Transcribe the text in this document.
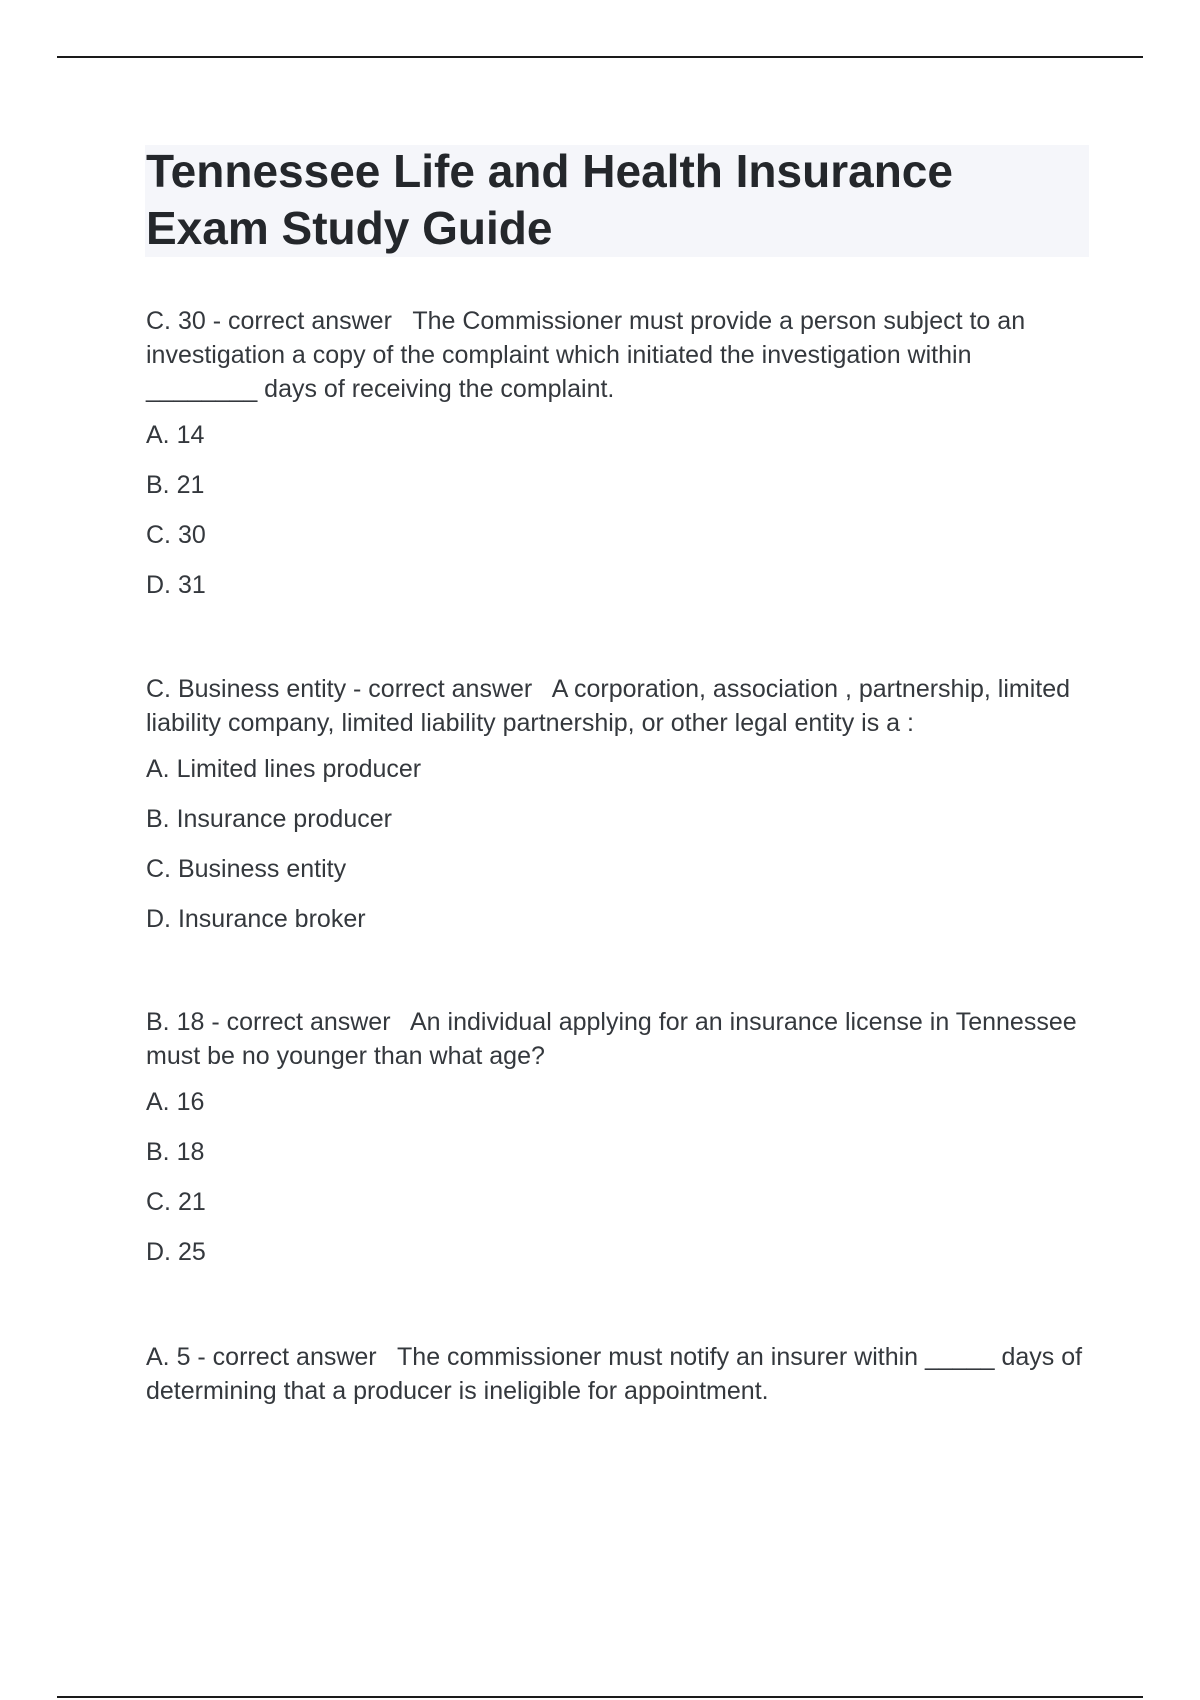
Tennessee Life and Health Insurance Exam Study Guide

C. 30 - correct answer The Commissioner must provide a person subject to an investigation a copy of the complaint which initiated the investigation within ________ days of receiving the complaint.

A. 14
B. 21
C. 30
D. 31

C. Business entity - correct answer A corporation, association , partnership, limited liability company, limited liability partnership, or other legal entity is a :

A. Limited lines producer
B. Insurance producer
C. Business entity
D. Insurance broker

B. 18 - correct answer An individual applying for an insurance license in Tennessee must be no younger than what age?

A. 16
B. 18
C. 21
D. 25

A. 5 - correct answer The commissioner must notify an insurer within _____ days of determining that a producer is ineligible for appointment.
